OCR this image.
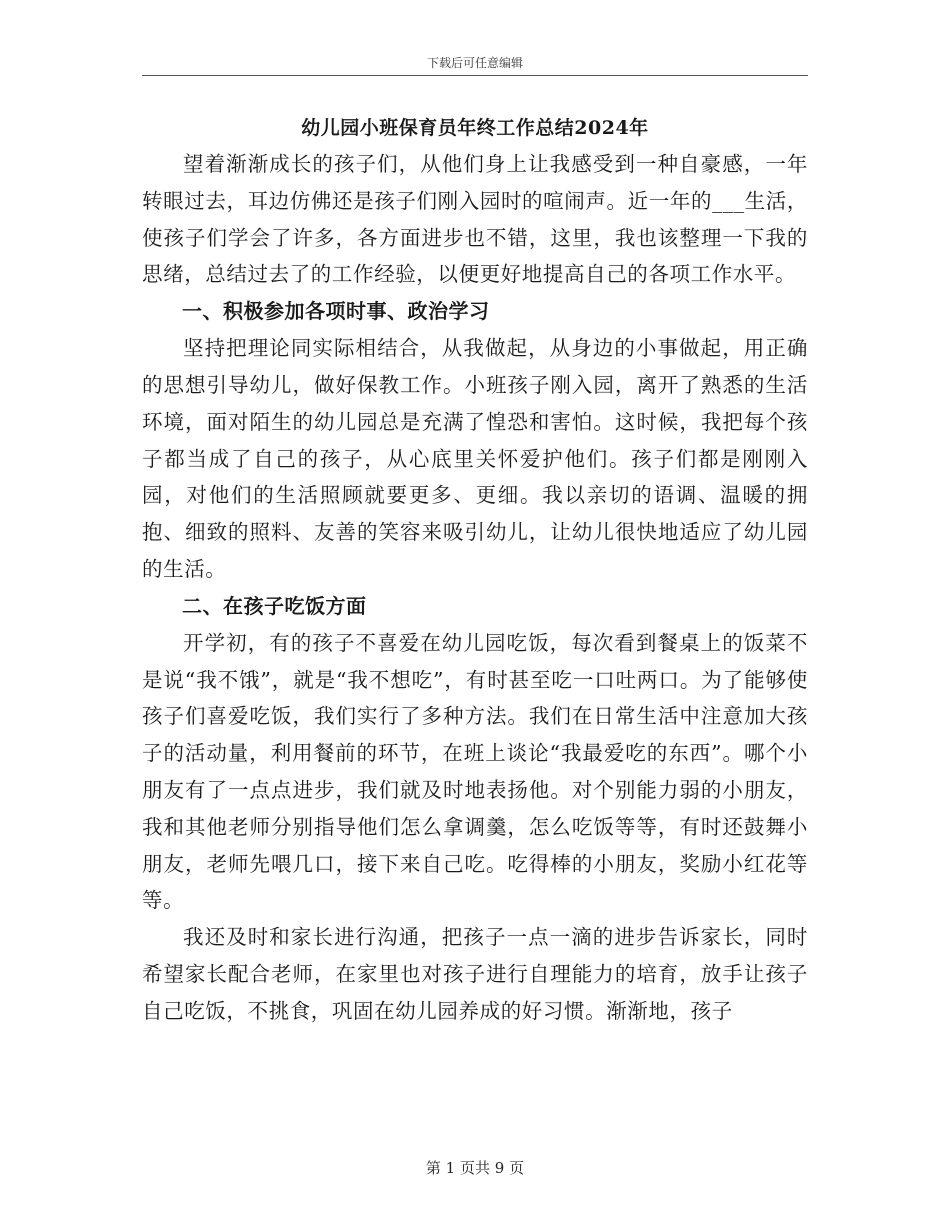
下载后可任意编辑
幼儿园小班保育员年终工作总结2024年

望着渐渐成长的孩子们，从他们身上让我感受到一种自豪感，一年转眼过去，耳边仿佛还是孩子们刚入园时的喧闹声。近一年的___生活，使孩子们学会了许多，各方面进步也不错，这里，我也该整理一下我的思绪，总结过去了的工作经验，以便更好地提高自己的各项工作水平。

一、积极参加各项时事、政治学习

坚持把理论同实际相结合，从我做起，从身边的小事做起，用正确的思想引导幼儿，做好保教工作。小班孩子刚入园，离开了熟悉的生活环境，面对陌生的幼儿园总是充满了惶恐和害怕。这时候，我把每个孩子都当成了自己的孩子，从心底里关怀爱护他们。孩子们都是刚刚入园，对他们的生活照顾就要更多、更细。我以亲切的语调、温暖的拥抱、细致的照料、友善的笑容来吸引幼儿，让幼儿很快地适应了幼儿园的生活。

二、在孩子吃饭方面

开学初，有的孩子不喜爱在幼儿园吃饭，每次看到餐桌上的饭菜不是说“我不饿”，就是“我不想吃”，有时甚至吃一口吐两口。为了能够使孩子们喜爱吃饭，我们实行了多种方法。我们在日常生活中注意加大孩子的活动量，利用餐前的环节，在班上谈论“我最爱吃的东西”。哪个小朋友有了一点点进步，我们就及时地表扬他。对个别能力弱的小朋友，我和其他老师分别指导他们怎么拿调羹，怎么吃饭等等，有时还鼓舞小朋友，老师先喂几口，接下来自己吃。吃得棒的小朋友，奖励小红花等等。

我还及时和家长进行沟通，把孩子一点一滴的进步告诉家长，同时希望家长配合老师，在家里也对孩子进行自理能力的培育，放手让孩子自己吃饭，不挑食，巩固在幼儿园养成的好习惯。渐渐地，孩子

第 1 页共 9 页
